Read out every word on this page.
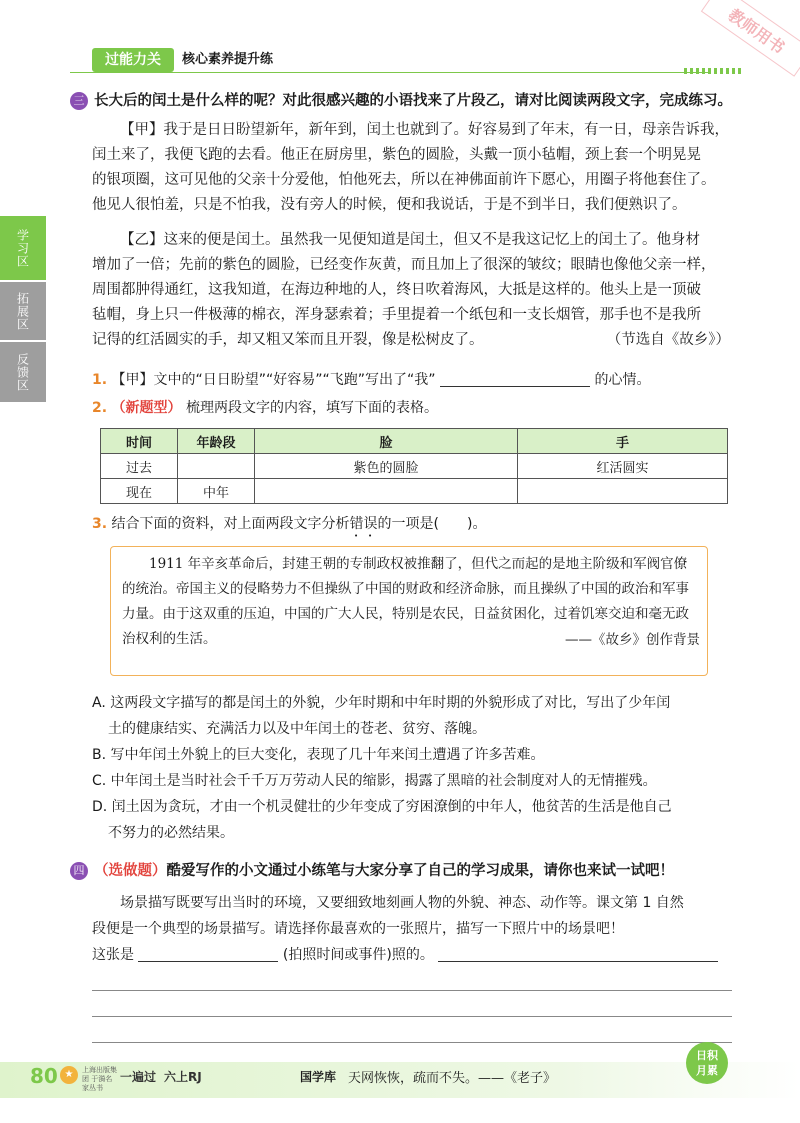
教师用书
过能力关	核心素养提升练
学习区
拓展区
反馈区
三 长大后的闰土是什么样的呢？对此很感兴趣的小语找来了片段乙，请对比阅读两段文字，完成练习。
【甲】我于是日日盼望新年，新年到，闰土也就到了。好容易到了年末，有一日，母亲告诉我，
闰土来了，我便飞跑的去看。他正在厨房里，紫色的圆脸，头戴一顶小毡帽，颈上套一个明晃晃
的银项圈，这可见他的父亲十分爱他，怕他死去，所以在神佛面前许下愿心，用圈子将他套住了。
他见人很怕羞，只是不怕我，没有旁人的时候，便和我说话，于是不到半日，我们便熟识了。
【乙】这来的便是闰土。虽然我一见便知道是闰土，但又不是我这记忆上的闰土了。他身材
增加了一倍；先前的紫色的圆脸，已经变作灰黄，而且加上了很深的皱纹；眼睛也像他父亲一样，
周围都肿得通红，这我知道，在海边种地的人，终日吹着海风，大抵是这样的。他头上是一顶破
毡帽，身上只一件极薄的棉衣，浑身瑟索着；手里提着一个纸包和一支长烟管，那手也不是我所
记得的红活圆实的手，却又粗又笨而且开裂，像是松树皮了。	（节选自《故乡》）
1. 【甲】文中的“日日盼望”“好容易”“飞跑”写出了“我”	的心情。
2. （新题型） 梳理两段文字的内容，填写下面的表格。
时间	年龄段	脸	手
过去		紫色的圆脸	红活圆实
现在	中年		
3. 结合下面的资料，对上面两段文字分析错误的一项是(　　)。
1911 年辛亥革命后，封建王朝的专制政权被推翻了，但代之而起的是地主阶级和军阀官僚的统治。帝国主义的侵略势力不但操纵了中国的财政和经济命脉，而且操纵了中国的政治和军事力量。由于这双重的压迫，中国的广大人民，特别是农民，日益贫困化，过着饥寒交迫和毫无政治权利的生活。	——《故乡》创作背景
A. 这两段文字描写的都是闰土的外貌，少年时期和中年时期的外貌形成了对比，写出了少年闰
土的健康结实、充满活力以及中年闰土的苍老、贫穷、落魄。
B. 写中年闰土外貌上的巨大变化，表现了几十年来闰土遭遇了许多苦难。
C. 中年闰土是当时社会千千万万劳动人民的缩影，揭露了黑暗的社会制度对人的无情摧残。
D. 闰土因为贪玩，才由一个机灵健壮的少年变成了穷困潦倒的中年人，他贫苦的生活是他自己
不努力的必然结果。
四 （选做题）酷爱写作的小文通过小练笔与大家分享了自己的学习成果，请你也来试一试吧！
场景描写既要写出当时的环境，又要细致地刻画人物的外貌、神态、动作等。课文第 1 自然
段便是一个典型的场景描写。请选择你最喜欢的一张照片，描写一下照片中的场景吧！
这张是	(拍照时间或事件)照的。
80 ★	上海出版集团 于漪名家丛书
一遍过 六上RJ	国学库 天网恢恢，疏而不失。——《老子》
日积月累
